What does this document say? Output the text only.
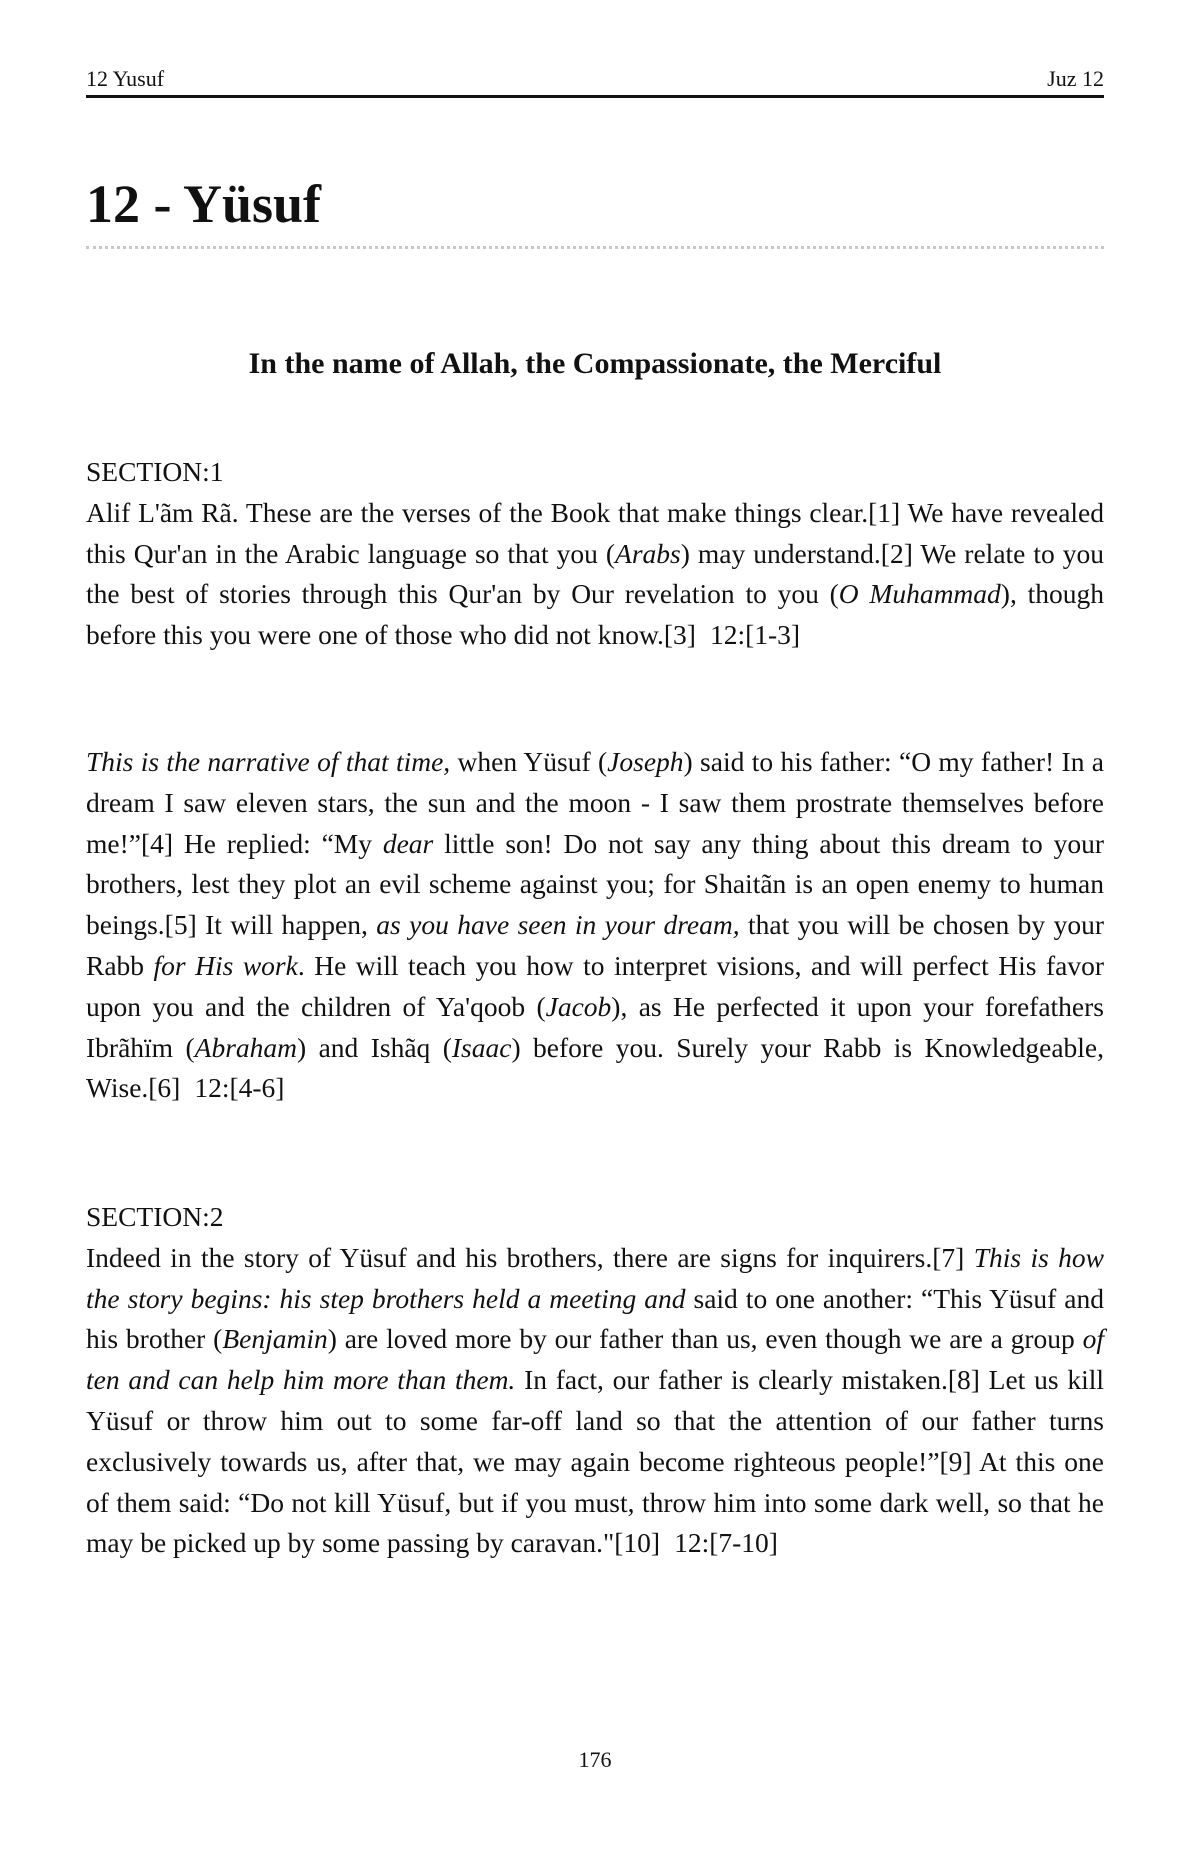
12 Yusuf	Juz 12
12 - Yüsuf
In the name of Allah, the Compassionate, the Merciful
SECTION:1

Alif L'ãm Rã. These are the verses of the Book that make things clear.[1] We have revealed this Qur'an in the Arabic language so that you (Arabs) may understand.[2] We relate to you the best of stories through this Qur'an by Our revelation to you (O Muhammad), though before this you were one of those who did not know.[3] 12:[1-3]

This is the narrative of that time, when Yüsuf (Joseph) said to his father: “O my father! In a dream I saw eleven stars, the sun and the moon - I saw them prostrate themselves before me!”[4] He replied: “My dear little son! Do not say any thing about this dream to your brothers, lest they plot an evil scheme against you; for Shaitãn is an open enemy to human beings.[5] It will happen, as you have seen in your dream, that you will be chosen by your Rabb for His work. He will teach you how to interpret visions, and will perfect His favor upon you and the children of Ya'qoob (Jacob), as He perfected it upon your forefathers Ibrãhïm (Abraham) and Ishãq (Isaac) before you. Surely your Rabb is Knowledgeable, Wise.[6] 12:[4-6]

SECTION:2

Indeed in the story of Yüsuf and his brothers, there are signs for inquirers.[7] This is how the story begins: his step brothers held a meeting and said to one another: “This Yüsuf and his brother (Benjamin) are loved more by our father than us, even though we are a group of ten and can help him more than them. In fact, our father is clearly mistaken.[8] Let us kill Yüsuf or throw him out to some far-off land so that the attention of our father turns exclusively towards us, after that, we may again become righteous people!”[9] At this one of them said: “Do not kill Yüsuf, but if you must, throw him into some dark well, so that he may be picked up by some passing by caravan."[10] 12:[7-10]

176
